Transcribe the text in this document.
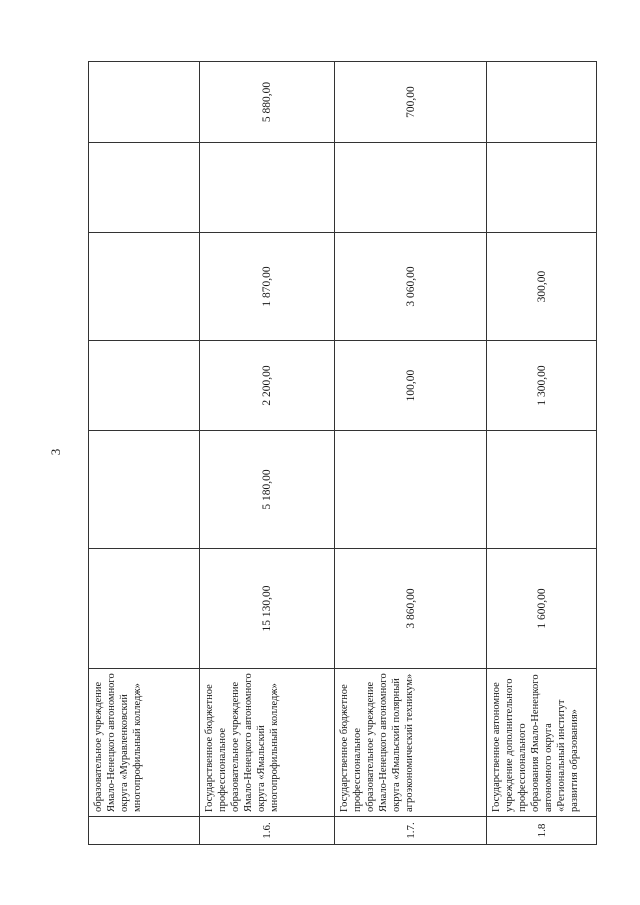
3
	образовательное учреждение Ямало-Ненецкого автономного округа «Муравленковский многопрофильный колледж»						
1.6.	Государственное бюджетное профессиональное образовательное учреждение Ямало-Ненецкого автономного округа «Ямальский многопрофильный колледж»	15 130,00	5 180,00	2 200,00	1 870,00		5 880,00
1.7.	Государственное бюджетное профессиональное образовательное учреждение Ямало-Ненецкого автономного округа «Ямальский полярный агроэкономический техникум»	3 860,00		100,00	3 060,00		700,00
1.8	Государственное автономное учреждение дополнительного профессионального образования Ямало-Ненецкого автономного округа «Региональный институт развития образования»	1 600,00		1 300,00	300,00		
